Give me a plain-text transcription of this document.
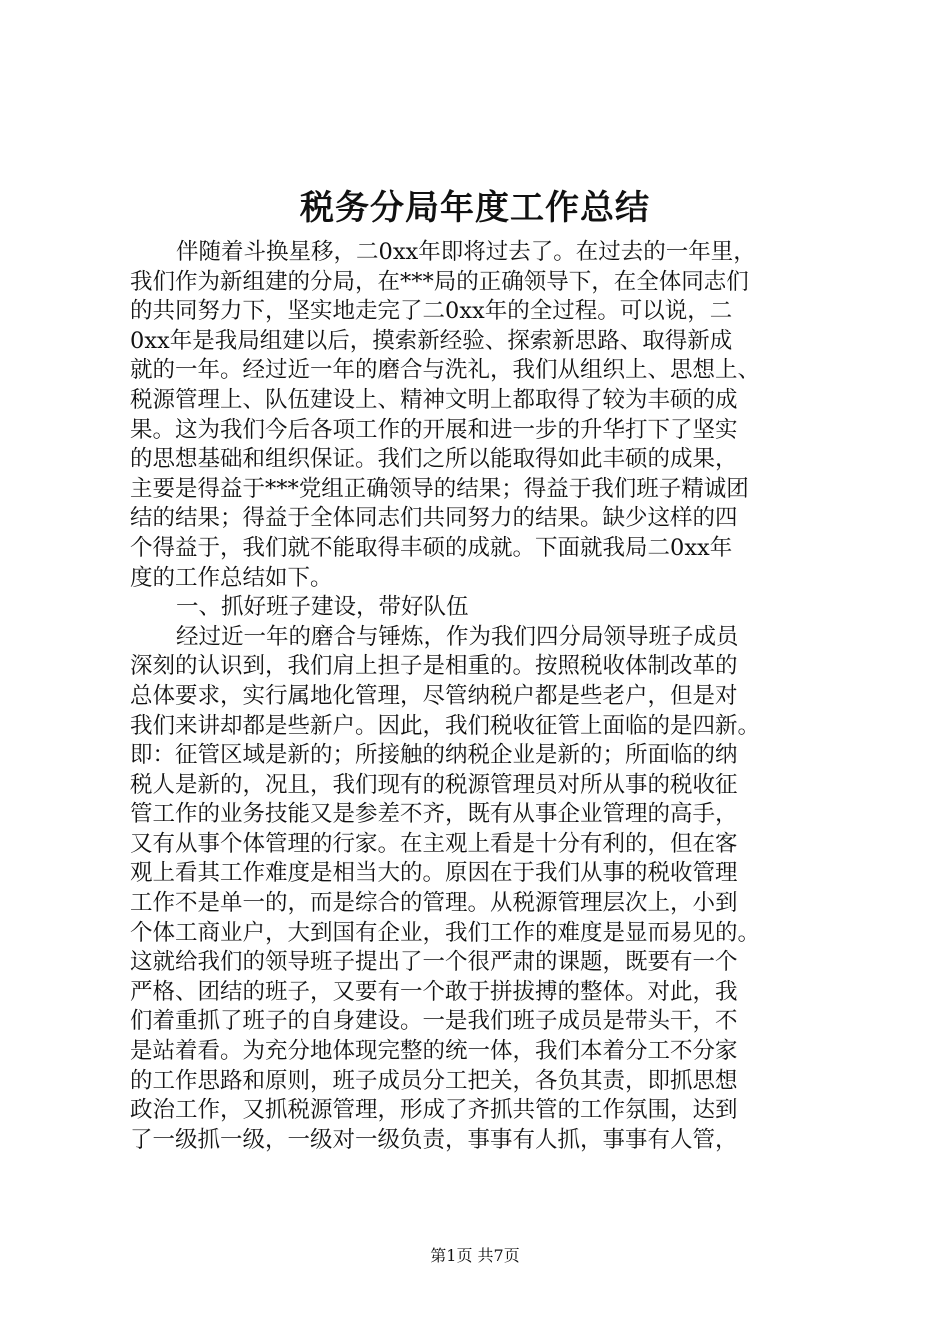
税务分局年度工作总结
伴随着斗换星移，二0xx年即将过去了。在过去的一年里，
我们作为新组建的分局，在***局的正确领导下，在全体同志们
的共同努力下，坚实地走完了二0xx年的全过程。可以说，二
0xx年是我局组建以后，摸索新经验、探索新思路、取得新成
就的一年。经过近一年的磨合与洗礼，我们从组织上、思想上、
税源管理上、队伍建设上、精神文明上都取得了较为丰硕的成
果。这为我们今后各项工作的开展和进一步的升华打下了坚实
的思想基础和组织保证。我们之所以能取得如此丰硕的成果，
主要是得益于***党组正确领导的结果；得益于我们班子精诚团
结的结果；得益于全体同志们共同努力的结果。缺少这样的四
个得益于，我们就不能取得丰硕的成就。下面就我局二0xx年
度的工作总结如下。
一、抓好班子建设，带好队伍
经过近一年的磨合与锤炼，作为我们四分局领导班子成员
深刻的认识到，我们肩上担子是相重的。按照税收体制改革的
总体要求，实行属地化管理，尽管纳税户都是些老户，但是对
我们来讲却都是些新户。因此，我们税收征管上面临的是四新。
即：征管区域是新的；所接触的纳税企业是新的；所面临的纳
税人是新的，况且，我们现有的税源管理员对所从事的税收征
管工作的业务技能又是参差不齐，既有从事企业管理的高手，
又有从事个体管理的行家。在主观上看是十分有利的，但在客
观上看其工作难度是相当大的。原因在于我们从事的税收管理
工作不是单一的，而是综合的管理。从税源管理层次上，小到
个体工商业户，大到国有企业，我们工作的难度是显而易见的。
这就给我们的领导班子提出了一个很严肃的课题，既要有一个
严格、团结的班子，又要有一个敢于拼拔搏的整体。对此，我
们着重抓了班子的自身建设。一是我们班子成员是带头干，不
是站着看。为充分地体现完整的统一体，我们本着分工不分家
的工作思路和原则，班子成员分工把关，各负其责，即抓思想
政治工作，又抓税源管理，形成了齐抓共管的工作氛围，达到
了一级抓一级，一级对一级负责，事事有人抓，事事有人管，
第1页 共7页
